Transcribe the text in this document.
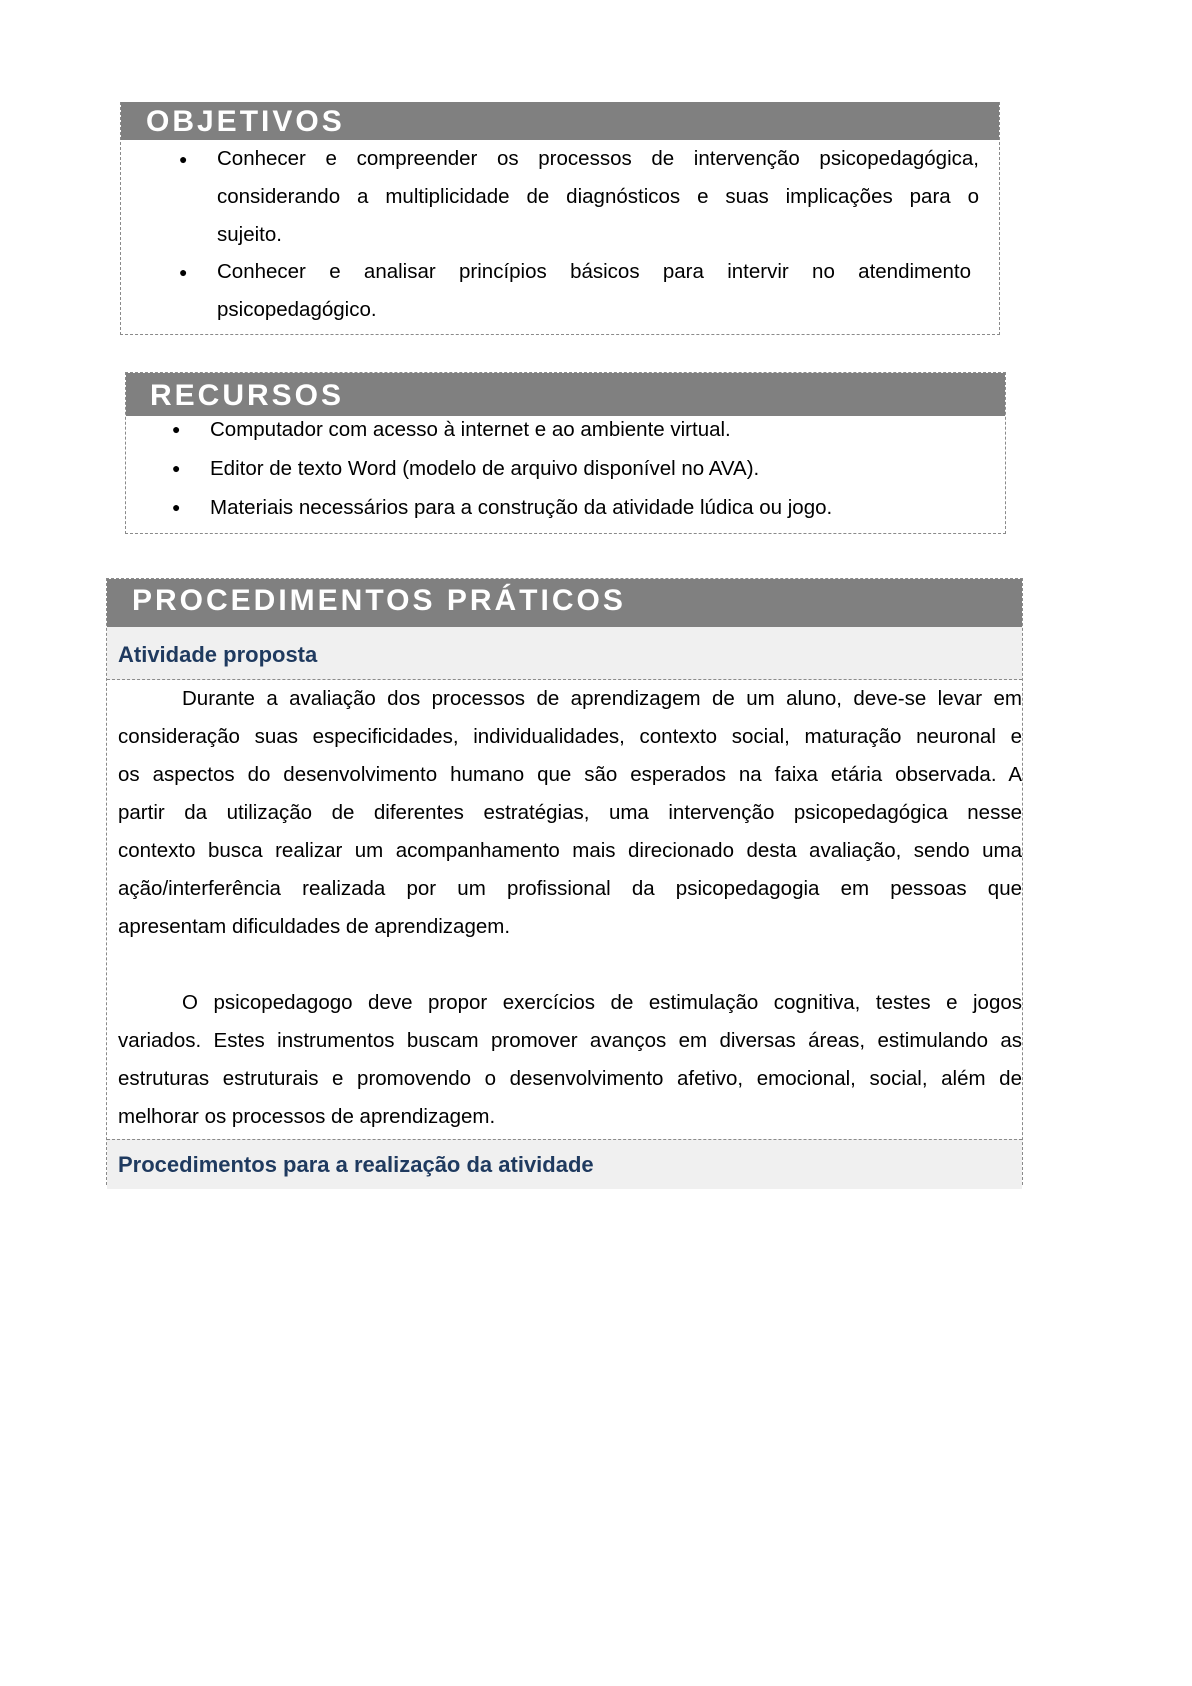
OBJETIVOS
● Conhecer e compreender os processos de intervenção psicopedagógica,
considerando a multiplicidade de diagnósticos e suas implicações para o
sujeito.
● Conhecer e analisar princípios básicos para intervir no atendimento
psicopedagógico.
RECURSOS
● Computador com acesso à internet e ao ambiente virtual.
● Editor de texto Word (modelo de arquivo disponível no AVA).
● Materiais necessários para a construção da atividade lúdica ou jogo.
PROCEDIMENTOS PRÁTICOS
Atividade proposta
Durante a avaliação dos processos de aprendizagem de um aluno, deve-se levar em
consideração suas especificidades, individualidades, contexto social, maturação neuronal e
os aspectos do desenvolvimento humano que são esperados na faixa etária observada. A
partir da utilização de diferentes estratégias, uma intervenção psicopedagógica nesse
contexto busca realizar um acompanhamento mais direcionado desta avaliação, sendo uma
ação/interferência realizada por um profissional da psicopedagogia em pessoas que
apresentam dificuldades de aprendizagem.
O psicopedagogo deve propor exercícios de estimulação cognitiva, testes e jogos
variados. Estes instrumentos buscam promover avanços em diversas áreas, estimulando as
estruturas estruturais e promovendo o desenvolvimento afetivo, emocional, social, além de
melhorar os processos de aprendizagem.
Procedimentos para a realização da atividade
